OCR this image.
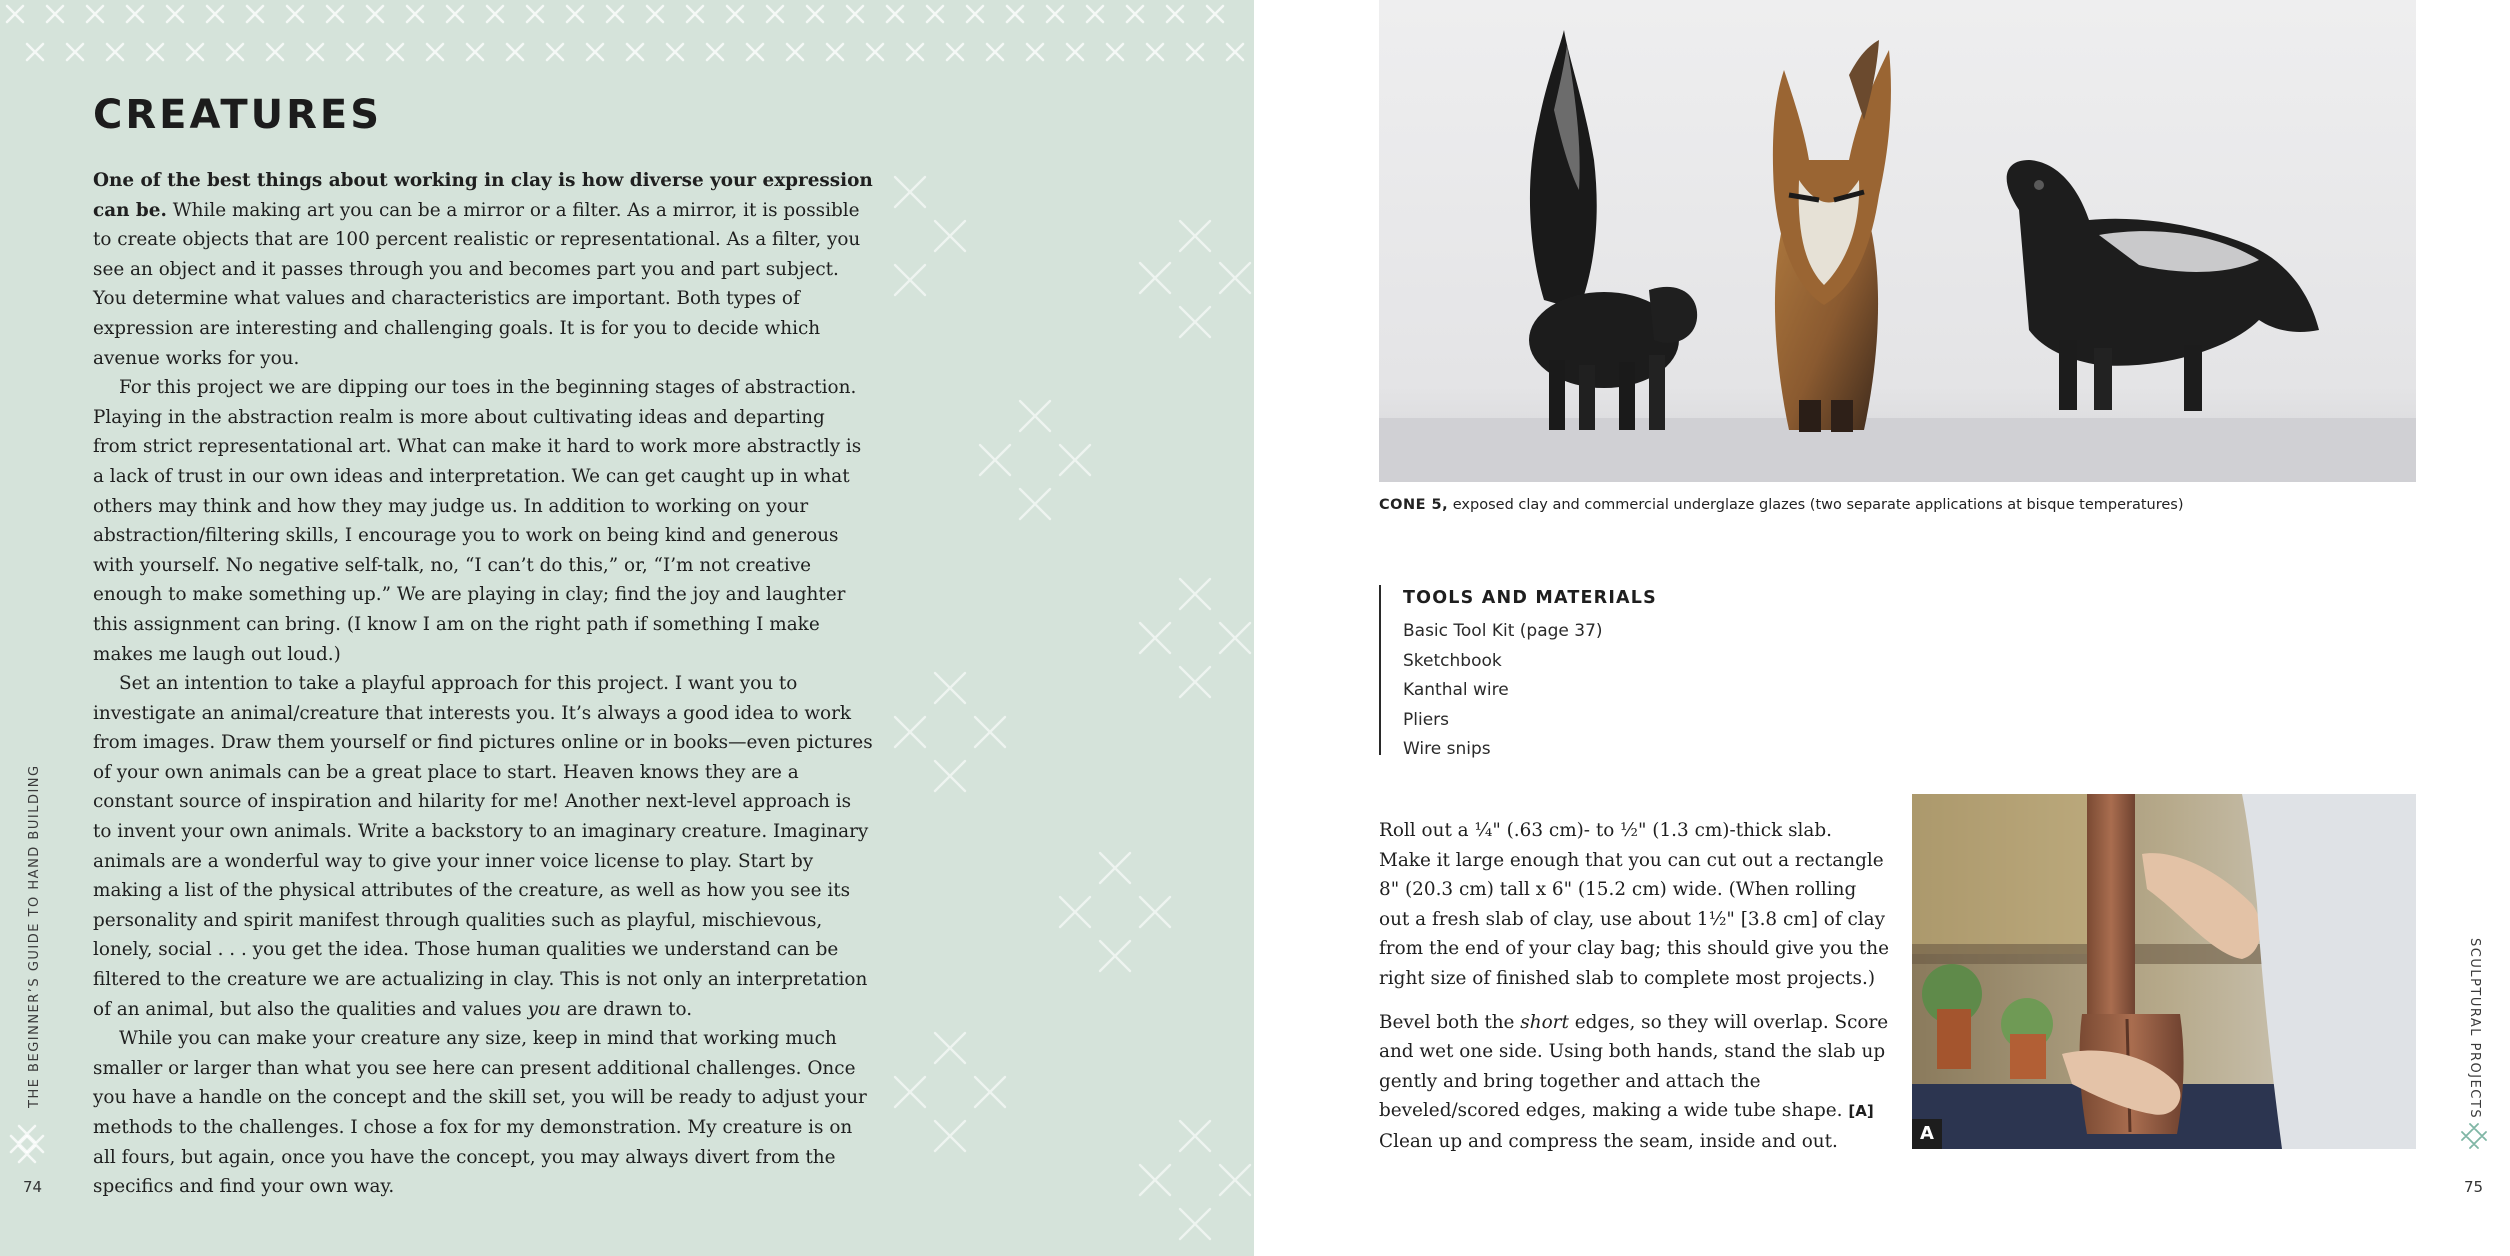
CREATURES

One of the best things about working in clay is how diverse your expression can be. While making art you can be a mirror or a filter. As a mirror, it is possible to create objects that are 100 percent realistic or representational. As a filter, you see an object and it passes through you and becomes part you and part subject. You determine what values and characteristics are important. Both types of expression are interesting and challenging goals. It is for you to decide which avenue works for you.

For this project we are dipping our toes in the beginning stages of abstraction. Playing in the abstraction realm is more about cultivating ideas and departing from strict representational art. What can make it hard to work more abstractly is a lack of trust in our own ideas and interpretation. We can get caught up in what others may think and how they may judge us. In addition to working on your abstraction/filtering skills, I encourage you to work on being kind and generous with yourself. No negative self-talk, no, “I can’t do this,” or, “I’m not creative enough to make something up.” We are playing in clay; find the joy and laughter this assignment can bring. (I know I am on the right path if something I make makes me laugh out loud.)

Set an intention to take a playful approach for this project. I want you to investigate an animal/creature that interests you. It’s always a good idea to work from images. Draw them yourself or find pictures online or in books—even pictures of your own animals can be a great place to start. Heaven knows they are a constant source of inspiration and hilarity for me! Another next-level approach is to invent your own animals. Write a backstory to an imaginary creature. Imaginary animals are a wonderful way to give your inner voice license to play. Start by making a list of the physical attributes of the creature, as well as how you see its personality and spirit manifest through qualities such as playful, mischievous, lonely, social . . . you get the idea. Those human qualities we understand can be filtered to the creature we are actualizing in clay. This is not only an interpretation of an animal, but also the qualities and values you are drawn to.

While you can make your creature any size, keep in mind that working much smaller or larger than what you see here can present additional challenges. Once you have a handle on the concept and the skill set, you will be ready to adjust your methods to the challenges. I chose a fox for my demonstration. My creature is on all fours, but again, once you have the concept, you may always divert from the specifics and find your own way.

THE BEGINNER’S GUIDE TO HAND BUILDING
74
CONE 5, exposed clay and commercial underglaze glazes (two separate applications at bisque temperatures)
TOOLS AND MATERIALS
Basic Tool Kit (page 37)
Sketchbook
Kanthal wire
Pliers
Wire snips

Roll out a ¼" (.63 cm)- to ½" (1.3 cm)-thick slab. Make it large enough that you can cut out a rectangle 8" (20.3 cm) tall x 6" (15.2 cm) wide. (When rolling out a fresh slab of clay, use about 1½" [3.8 cm] of clay from the end of your clay bag; this should give you the right size of finished slab to complete most projects.)

Bevel both the short edges, so they will overlap. Score and wet one side. Using both hands, stand the slab up gently and bring together and attach the beveled/scored edges, making a wide tube shape. [A] Clean up and compress the seam, inside and out.	A
SCULPTURAL PROJECTS
75
